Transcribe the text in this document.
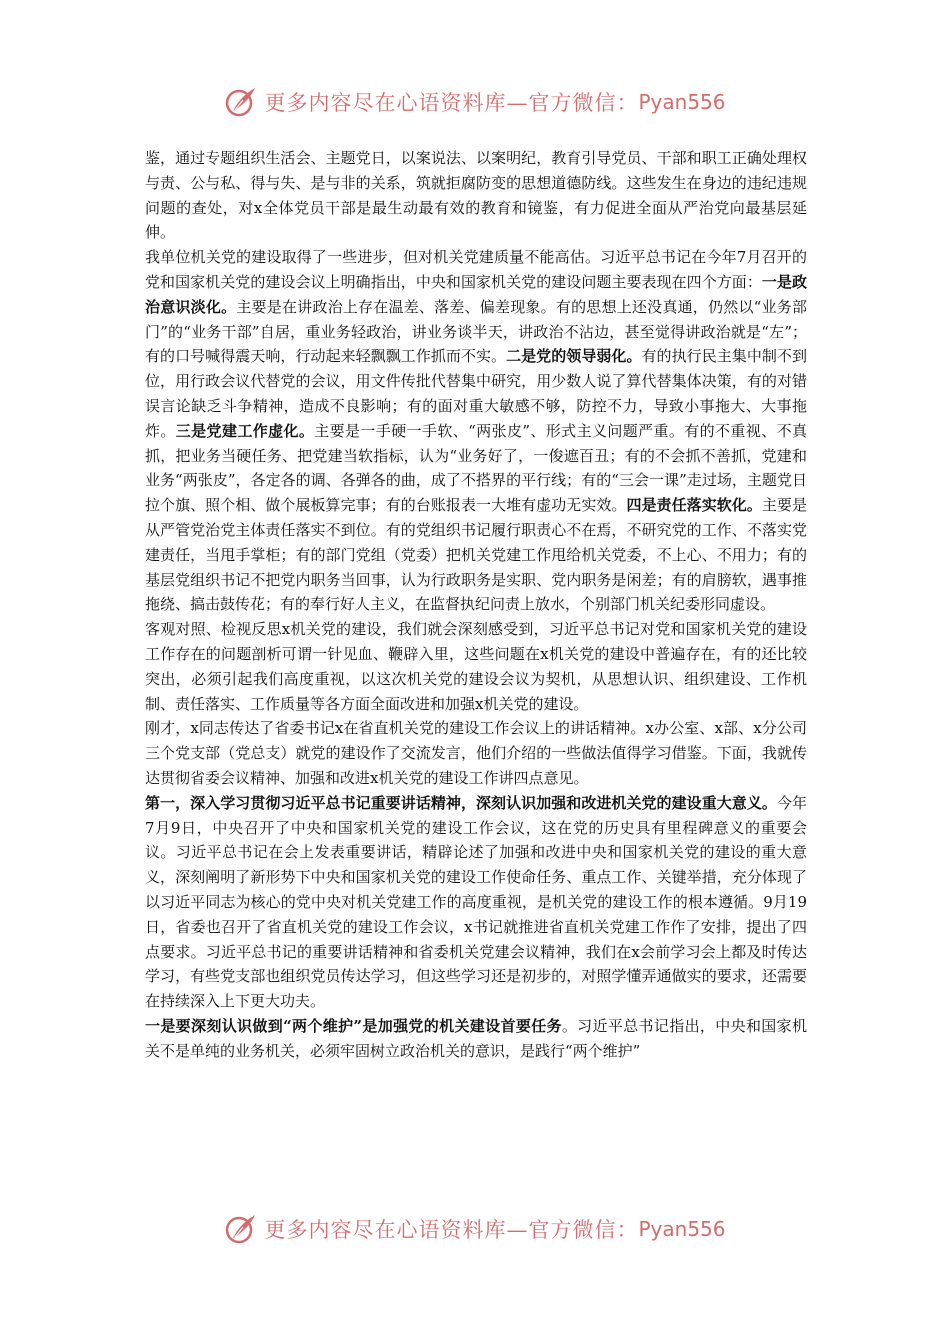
更多内容尽在心语资料库—官方微信： Pyan556

鉴，通过专题组织生活会、主题党日，以案说法、以案明纪，教育引导党员、干部和职工正确处理权与责、公与私、得与失、是与非的关系，筑就拒腐防变的思想道德防线。这些发生在身边的违纪违规问题的查处，对x全体党员干部是最生动最有效的教育和镜鉴，有力促进全面从严治党向最基层延伸。

我单位机关党的建设取得了一些进步，但对机关党建质量不能高估。习近平总书记在今年7月召开的党和国家机关党的建设会议上明确指出，中央和国家机关党的建设问题主要表现在四个方面：一是政治意识淡化。主要是在讲政治上存在温差、落差、偏差现象。有的思想上还没真通，仍然以“业务部门”的“业务干部”自居，重业务轻政治，讲业务谈半天，讲政治不沾边，甚至觉得讲政治就是“左”；有的口号喊得震天响，行动起来轻飘飘工作抓而不实。二是党的领导弱化。有的执行民主集中制不到位，用行政会议代替党的会议，用文件传批代替集中研究，用少数人说了算代替集体决策，有的对错误言论缺乏斗争精神，造成不良影响；有的面对重大敏感不够，防控不力，导致小事拖大、大事拖炸。三是党建工作虚化。主要是一手硬一手软、“两张皮”、形式主义问题严重。有的不重视、不真抓，把业务当硬任务、把党建当软指标，认为“业务好了，一俊遮百丑；有的不会抓不善抓，党建和业务“两张皮”，各定各的调、各弹各的曲，成了不搭界的平行线；有的“三会一课”走过场，主题党日拉个旗、照个相、做个展板算完事；有的台账报表一大堆有虚功无实效。四是责任落实软化。主要是从严管党治党主体责任落实不到位。有的党组织书记履行职责心不在焉，不研究党的工作、不落实党建责任，当甩手掌柜；有的部门党组（党委）把机关党建工作甩给机关党委，不上心、不用力；有的基层党组织书记不把党内职务当回事，认为行政职务是实职、党内职务是闲差；有的肩膀软，遇事推拖绕、搞击鼓传花；有的奉行好人主义，在监督执纪问责上放水，个别部门机关纪委形同虚设。

客观对照、检视反思x机关党的建设，我们就会深刻感受到，习近平总书记对党和国家机关党的建设工作存在的问题剖析可谓一针见血、鞭辟入里，这些问题在x机关党的建设中普遍存在，有的还比较突出，必须引起我们高度重视，以这次机关党的建设会议为契机，从思想认识、组织建设、工作机制、责任落实、工作质量等各方面全面改进和加强x机关党的建设。

刚才，x同志传达了省委书记x在省直机关党的建设工作会议上的讲话精神。x办公室、x部、x分公司三个党支部（党总支）就党的建设作了交流发言，他们介绍的一些做法值得学习借鉴。下面，我就传达贯彻省委会议精神、加强和改进x机关党的建设工作讲四点意见。

第一，深入学习贯彻习近平总书记重要讲话精神，深刻认识加强和改进机关党的建设重大意义。今年7月9日，中央召开了中央和国家机关党的建设工作会议，这在党的历史具有里程碑意义的重要会议。习近平总书记在会上发表重要讲话，精辟论述了加强和改进中央和国家机关党的建设的重大意义，深刻阐明了新形势下中央和国家机关党的建设工作使命任务、重点工作、关键举措，充分体现了以习近平同志为核心的党中央对机关党建工作的高度重视，是机关党的建设工作的根本遵循。9月19日，省委也召开了省直机关党的建设工作会议，x书记就推进省直机关党建工作作了安排，提出了四点要求。习近平总书记的重要讲话精神和省委机关党建会议精神，我们在x会前学习会上都及时传达学习，有些党支部也组织党员传达学习，但这些学习还是初步的，对照学懂弄通做实的要求，还需要在持续深入上下更大功夫。

一是要深刻认识做到“两个维护”是加强党的机关建设首要任务。习近平总书记指出，中央和国家机关不是单纯的业务机关，必须牢固树立政治机关的意识，是践行“两个维护”

更多内容尽在心语资料库—官方微信： Pyan556
